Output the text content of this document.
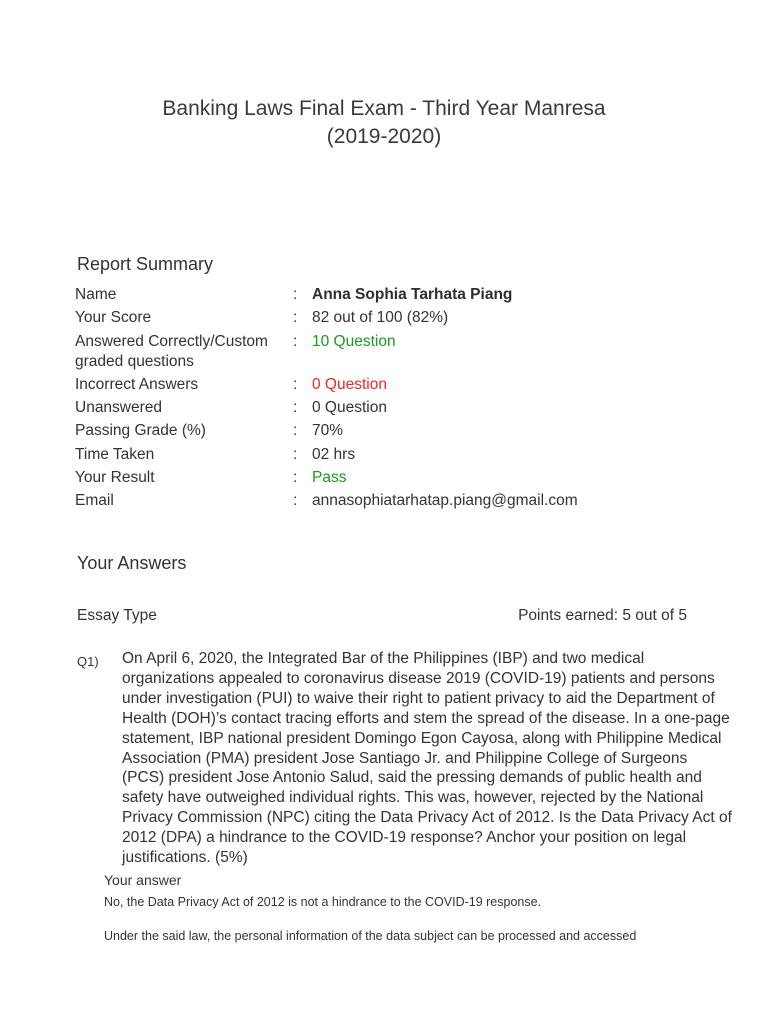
Banking Laws Final Exam - Third Year Manresa
(2019-2020)
Report Summary
Name	: Anna Sophia Tarhata Piang
Your Score	: 82 out of 100 (82%)
Answered Correctly/Custom graded questions
: 10 Question
Incorrect Answers	: 0 Question
Unanswered	: 0 Question
Passing Grade (%)	: 70%
Time Taken	: 02 hrs
Your Result	: Pass
Email	: annasophiatarhatap.piang@gmail.com
Your Answers
Essay Type	Points earned: 5 out of 5
Q1) On April 6, 2020, the Integrated Bar of the Philippines (IBP) and two medical organizations appealed to coronavirus disease 2019 (COVID-19) patients and persons under investigation (PUI) to waive their right to patient privacy to aid the Department of Health (DOH)’s contact tracing efforts and stem the spread of the disease. In a one-page statement, IBP national president Domingo Egon Cayosa, along with Philippine Medical Association (PMA) president Jose Santiago Jr. and Philippine College of Surgeons (PCS) president Jose Antonio Salud, said the pressing demands of public health and safety have outweighed individual rights. This was, however, rejected by the National Privacy Commission (NPC) citing the Data Privacy Act of 2012. Is the Data Privacy Act of 2012 (DPA) a hindrance to the COVID-19 response? Anchor your position on legal justifications. (5%)
Your answer
No, the Data Privacy Act of 2012 is not a hindrance to the COVID-19 response.
Under the said law, the personal information of the data subject can be processed and accessed
